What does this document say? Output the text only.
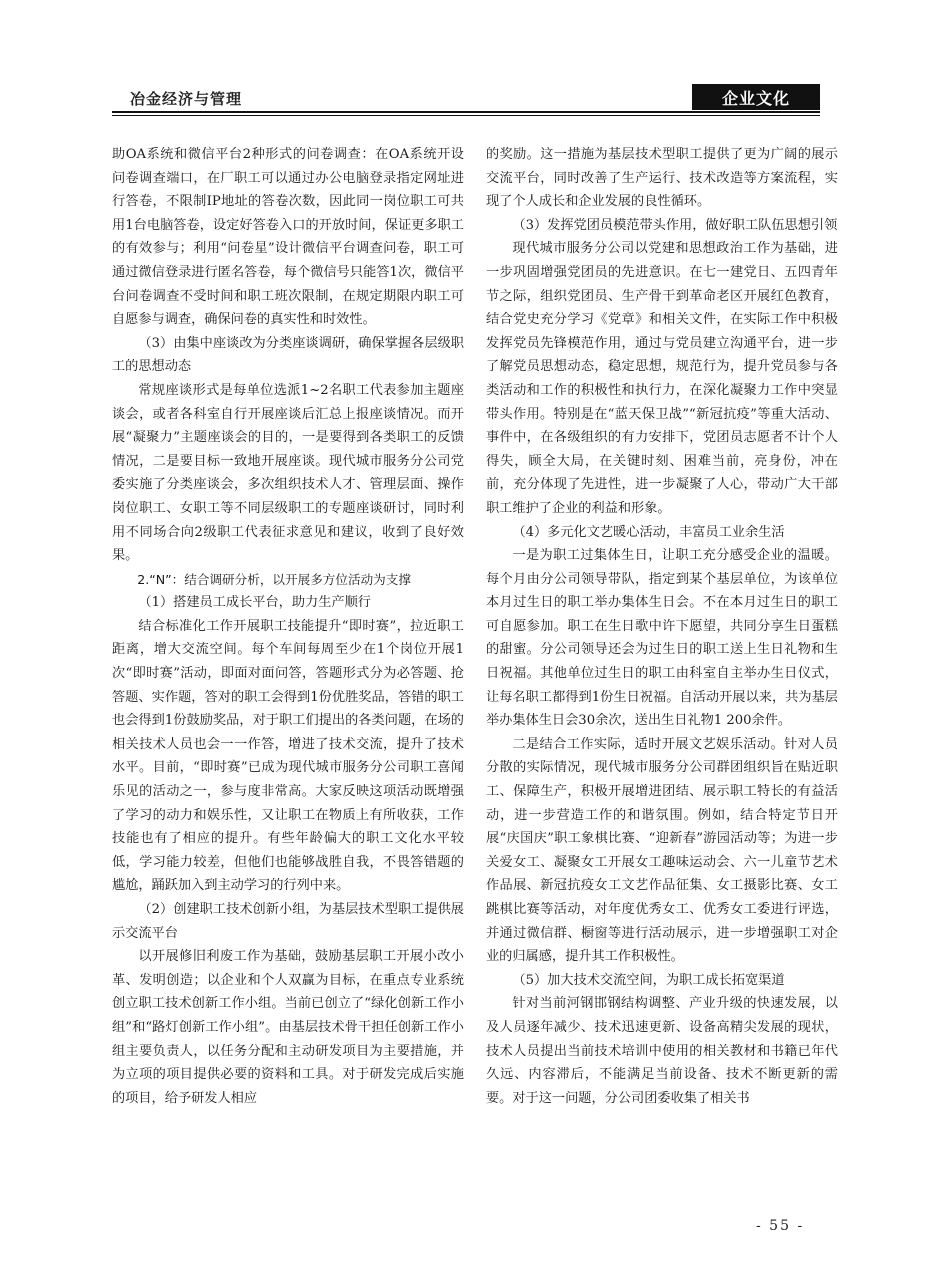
冶金经济与管理	企业文化

助OA系统和微信平台2种形式的问卷调查：在OA系统开设问卷调查端口，在厂职工可以通过办公电脑登录指定网址进行答卷，不限制IP地址的答卷次数，因此同一岗位职工可共用1台电脑答卷，设定好答卷入口的开放时间，保证更多职工的有效参与；利用“问卷星”设计微信平台调查问卷，职工可通过微信登录进行匿名答卷，每个微信号只能答1次，微信平台问卷调查不受时间和职工班次限制，在规定期限内职工可自愿参与调查，确保问卷的真实性和时效性。

（3）由集中座谈改为分类座谈调研，确保掌握各层级职工的思想动态

常规座谈形式是每单位选派1~2名职工代表参加主题座谈会，或者各科室自行开展座谈后汇总上报座谈情况。而开展“凝聚力”主题座谈会的目的，一是要得到各类职工的反馈情况，二是要目标一致地开展座谈。现代城市服务分公司党委实施了分类座谈会，多次组织技术人才、管理层面、操作岗位职工、女职工等不同层级职工的专题座谈研讨，同时利用不同场合向2级职工代表征求意见和建议，收到了良好效果。

2.“N”：结合调研分析，以开展多方位活动为支撑

（1）搭建员工成长平台，助力生产顺行

结合标准化工作开展职工技能提升“即时赛”，拉近职工距离，增大交流空间。每个车间每周至少在1个岗位开展1次“即时赛”活动，即面对面问答，答题形式分为必答题、抢答题、实作题，答对的职工会得到1份优胜奖品，答错的职工也会得到1份鼓励奖品，对于职工们提出的各类问题，在场的相关技术人员也会一一作答，增进了技术交流，提升了技术水平。目前，“即时赛”已成为现代城市服务分公司职工喜闻乐见的活动之一，参与度非常高。大家反映这项活动既增强了学习的动力和娱乐性，又让职工在物质上有所收获，工作技能也有了相应的提升。有些年龄偏大的职工文化水平较低，学习能力较差，但他们也能够战胜自我，不畏答错题的尴尬，踊跃加入到主动学习的行列中来。

（2）创建职工技术创新小组，为基层技术型职工提供展示交流平台

以开展修旧利废工作为基础，鼓励基层职工开展小改小革、发明创造；以企业和个人双赢为目标，在重点专业系统创立职工技术创新工作小组。当前已创立了“绿化创新工作小组”和“路灯创新工作小组”。由基层技术骨干担任创新工作小组主要负责人，以任务分配和主动研发项目为主要措施，并为立项的项目提供必要的资料和工具。对于研发完成后实施的项目，给予研发人相应

的奖励。这一措施为基层技术型职工提供了更为广阔的展示交流平台，同时改善了生产运行、技术改造等方案流程，实现了个人成长和企业发展的良性循环。

（3）发挥党团员模范带头作用，做好职工队伍思想引领

现代城市服务分公司以党建和思想政治工作为基础，进一步巩固增强党团员的先进意识。在七一建党日、五四青年节之际，组织党团员、生产骨干到革命老区开展红色教育，结合党史充分学习《党章》和相关文件，在实际工作中积极发挥党员先锋模范作用，通过与党员建立沟通平台，进一步了解党员思想动态，稳定思想，规范行为，提升党员参与各类活动和工作的积极性和执行力，在深化凝聚力工作中突显带头作用。特别是在“蓝天保卫战”“新冠抗疫”等重大活动、事件中，在各级组织的有力安排下，党团员志愿者不计个人得失，顾全大局，在关键时刻、困难当前，亮身份，冲在前，充分体现了先进性，进一步凝聚了人心，带动广大干部职工维护了企业的利益和形象。

（4）多元化文艺暖心活动，丰富员工业余生活

一是为职工过集体生日，让职工充分感受企业的温暖。每个月由分公司领导带队，指定到某个基层单位，为该单位本月过生日的职工举办集体生日会。不在本月过生日的职工可自愿参加。职工在生日歌中许下愿望，共同分享生日蛋糕的甜蜜。分公司领导还会为过生日的职工送上生日礼物和生日祝福。其他单位过生日的职工由科室自主举办生日仪式，让每名职工都得到1份生日祝福。自活动开展以来，共为基层举办集体生日会30余次，送出生日礼物1 200余件。

二是结合工作实际，适时开展文艺娱乐活动。针对人员分散的实际情况，现代城市服务分公司群团组织旨在贴近职工、保障生产，积极开展增进团结、展示职工特长的有益活动，进一步营造工作的和谐氛围。例如，结合特定节日开展“庆国庆”职工象棋比赛、“迎新春”游园活动等；为进一步关爱女工、凝聚女工开展女工趣味运动会、六一儿童节艺术作品展、新冠抗疫女工文艺作品征集、女工摄影比赛、女工跳棋比赛等活动，对年度优秀女工、优秀女工委进行评选，并通过微信群、橱窗等进行活动展示，进一步增强职工对企业的归属感，提升其工作积极性。

（5）加大技术交流空间，为职工成长拓宽渠道

针对当前河钢邯钢结构调整、产业升级的快速发展，以及人员逐年减少、技术迅速更新、设备高精尖发展的现状，技术人员提出当前技术培训中使用的相关教材和书籍已年代久远、内容滞后，不能满足当前设备、技术不断更新的需要。对于这一问题，分公司团委收集了相关书

- 55 -
